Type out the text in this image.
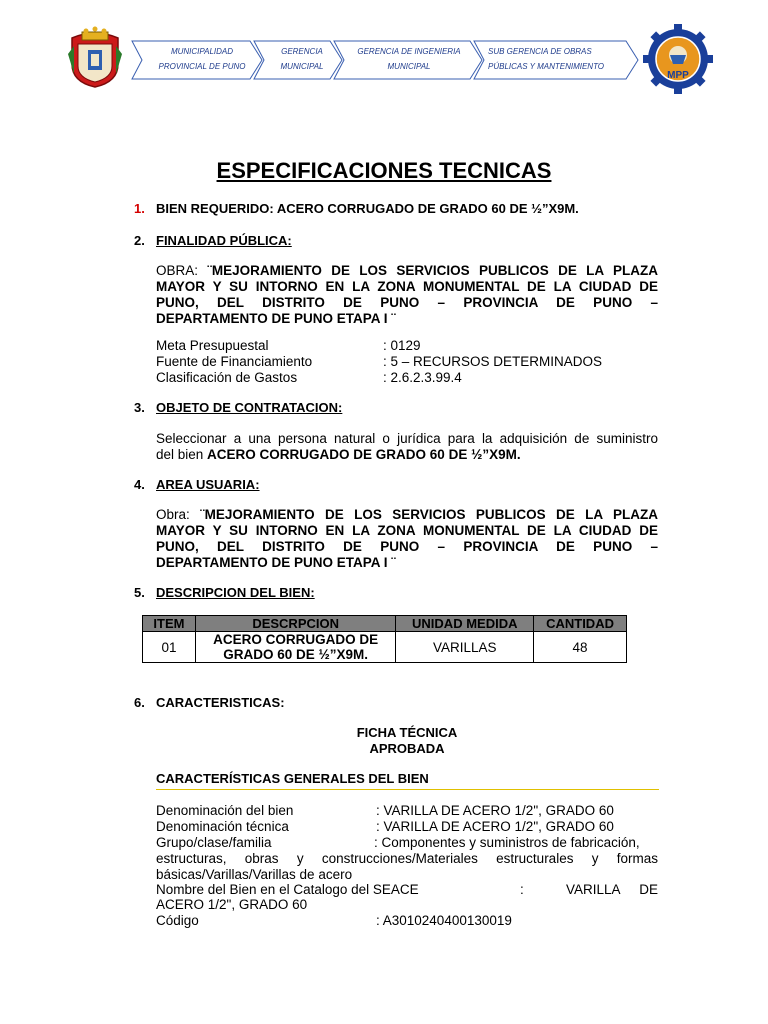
MUNICIPALIDAD
PROVINCIAL DE PUNO
GERENCIA
MUNICIPAL
GERENCIA DE INGENIERIA
MUNICIPAL
SUB GERENCIA DE OBRAS
PÚBLICAS Y MANTENIMIENTO
MPP
ESPECIFICACIONES TECNICAS
1. BIEN REQUERIDO: ACERO CORRUGADO DE GRADO 60 DE ½”X9M.
2. FINALIDAD PÚBLICA:
OBRA: ¨MEJORAMIENTO DE LOS SERVICIOS PUBLICOS DE LA PLAZA
MAYOR Y SU INTORNO EN LA ZONA MONUMENTAL DE LA CIUDAD DE
PUNO, DEL DISTRITO DE PUNO – PROVINCIA DE PUNO –
DEPARTAMENTO DE PUNO ETAPA I ¨
Meta Presupuestal	: 0129
Fuente de Financiamiento	: 5 – RECURSOS DETERMINADOS
Clasificación de Gastos	: 2.6.2.3.99.4
3. OBJETO DE CONTRATACION:
Seleccionar a una persona natural o jurídica para la adquisición de suministro
del bien ACERO CORRUGADO DE GRADO 60 DE ½”X9M.
4. AREA USUARIA:
Obra: ¨MEJORAMIENTO DE LOS SERVICIOS PUBLICOS DE LA PLAZA
MAYOR Y SU INTORNO EN LA ZONA MONUMENTAL DE LA CIUDAD DE
PUNO, DEL DISTRITO DE PUNO – PROVINCIA DE PUNO –
DEPARTAMENTO DE PUNO ETAPA I ¨
5. DESCRIPCION DEL BIEN:
ITEM	DESCRPCION	UNIDAD MEDIDA	CANTIDAD
01	ACERO CORRUGADO DE
GRADO 60 DE ½”X9M.	VARILLAS	48
6. CARACTERISTICAS:
FICHA TÉCNICA
APROBADA
CARACTERÍSTICAS GENERALES DEL BIEN
Denominación del bien	: VARILLA DE ACERO 1/2", GRADO 60
Denominación técnica	: VARILLA DE ACERO 1/2", GRADO 60
Grupo/clase/familia	: Componentes y suministros de fabricación,
estructuras, obras y construcciones/Materiales estructurales y formas
básicas/Varillas/Varillas de acero
Nombre del Bien en el Catalogo del SEACE	:	VARILLA DE
ACERO 1/2", GRADO 60
Código	: A3010240400130019
